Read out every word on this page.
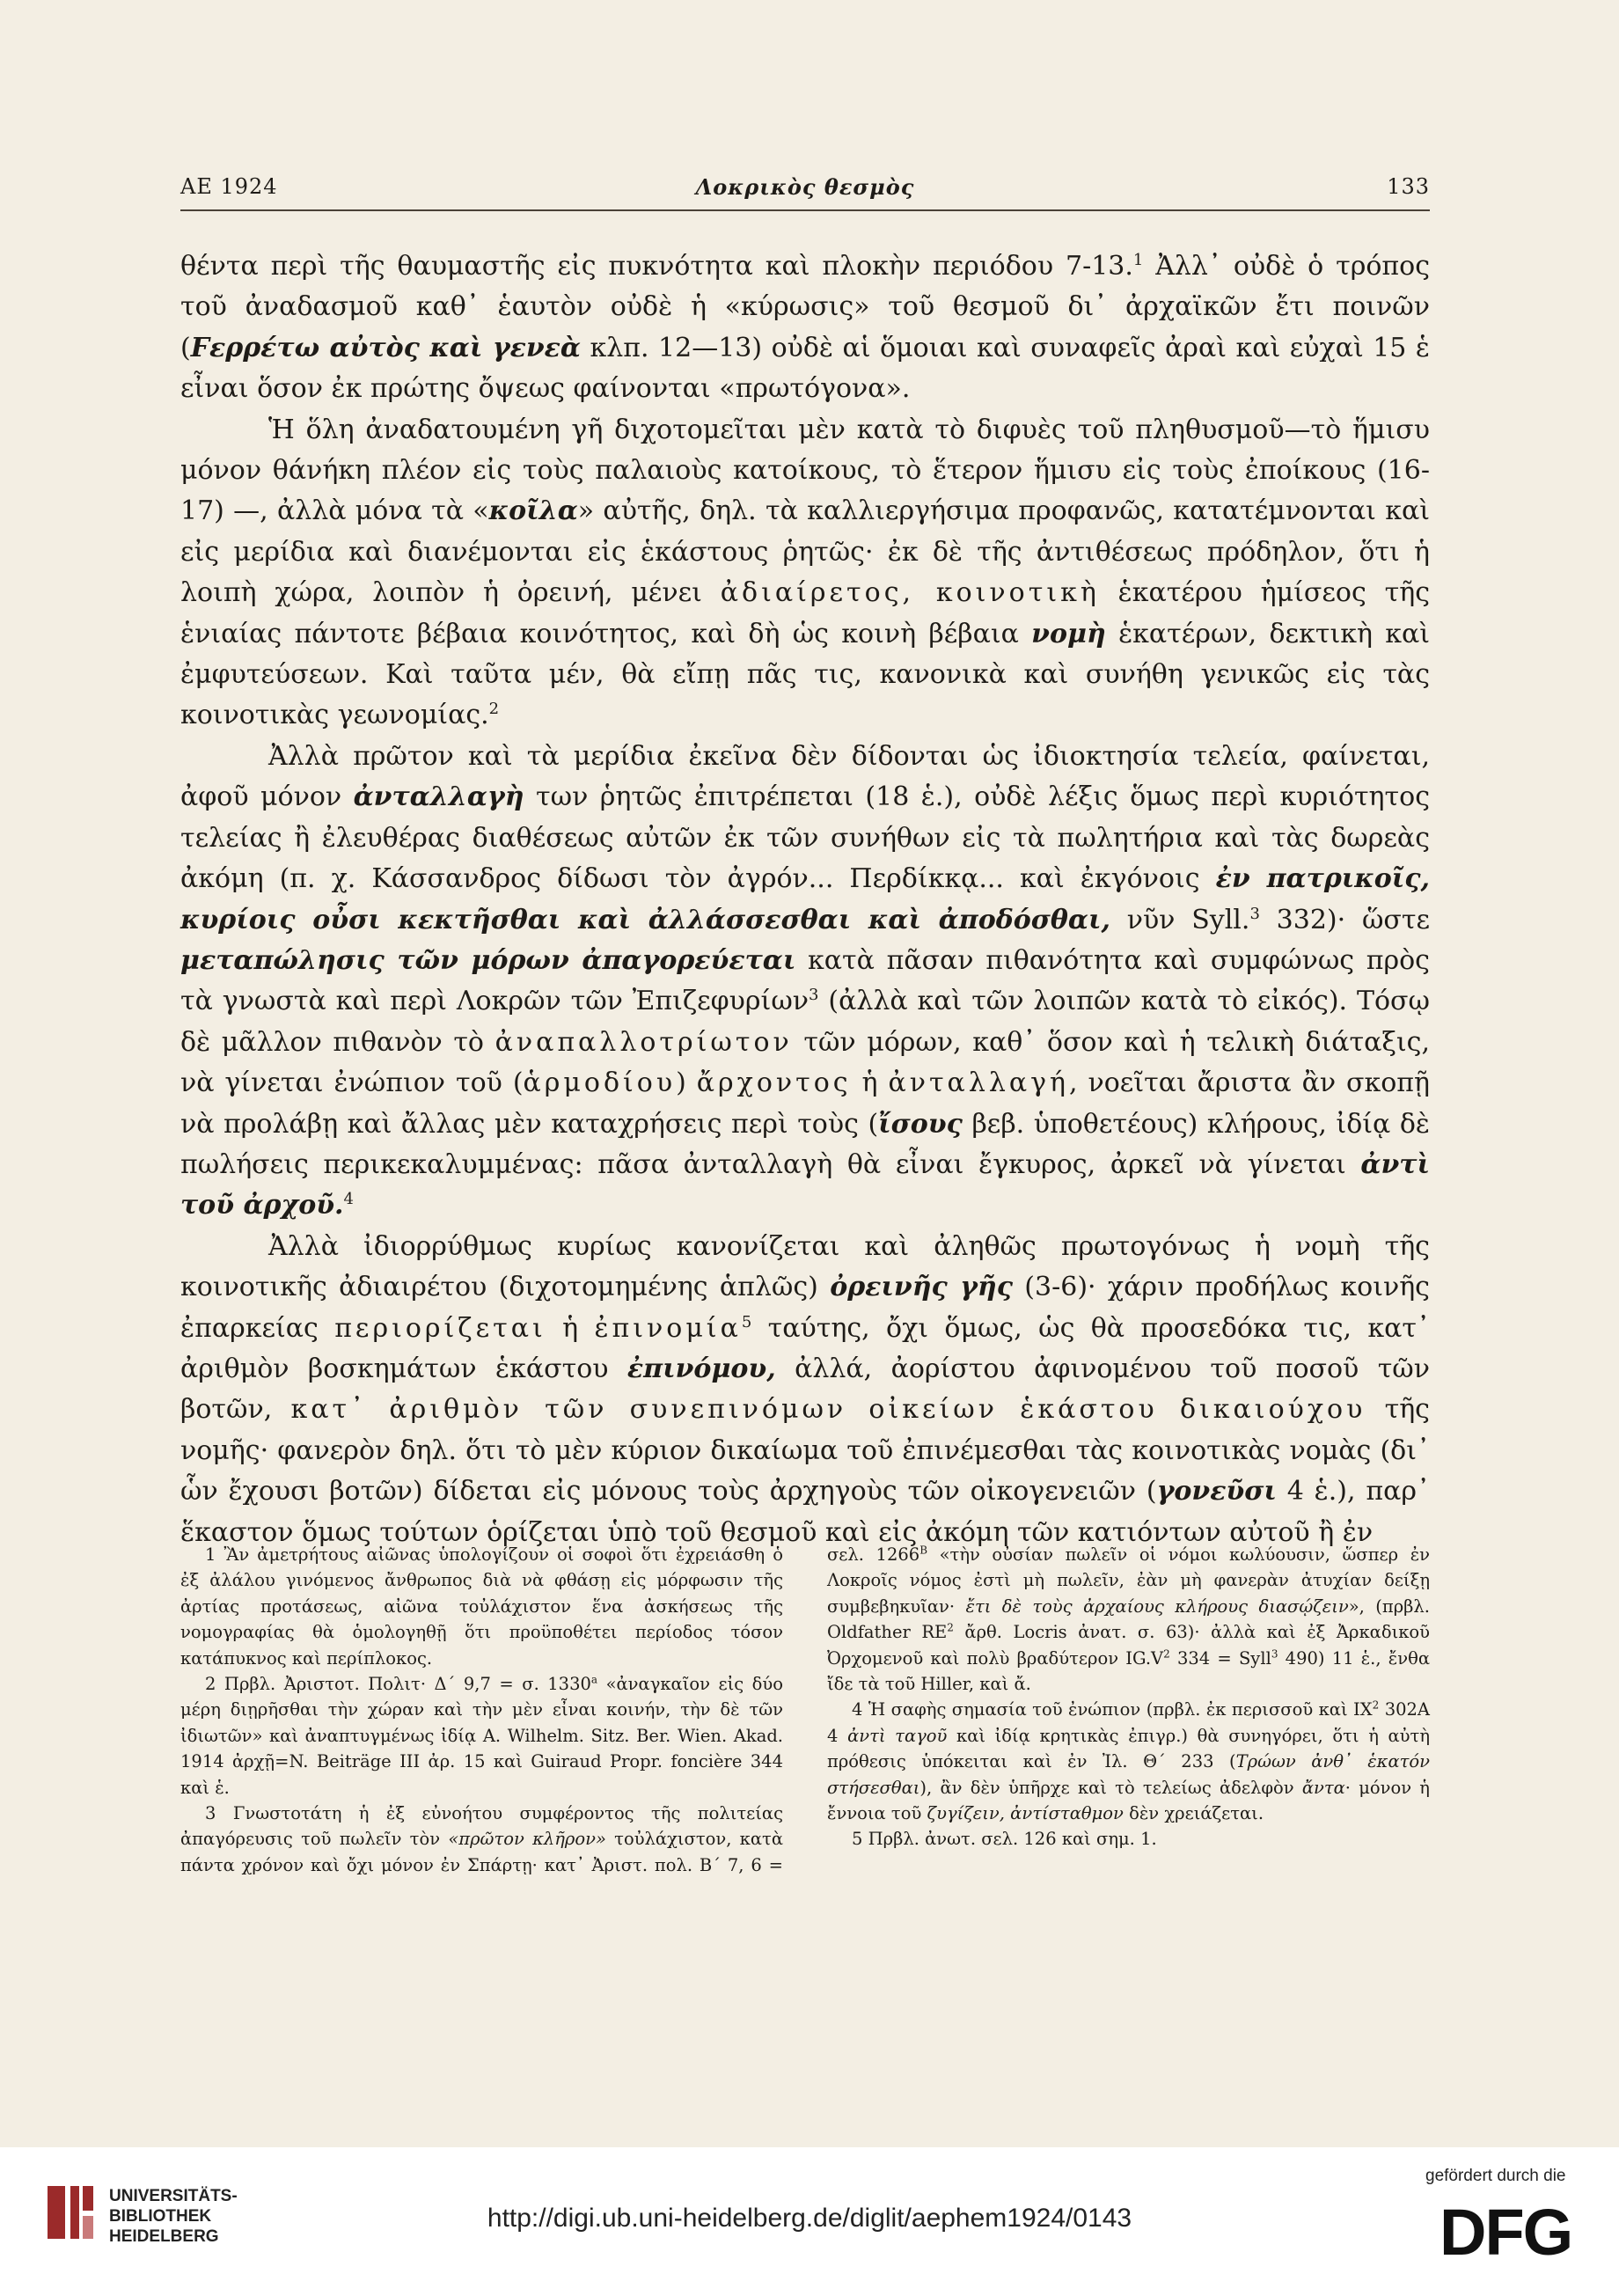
ΑΕ 1924	Λοκρικὸς θεσμὸς	133

θέντα περὶ τῆς θαυμαστῆς εἰς πυκνότητα καὶ πλοκὴν περιόδου 7-13.$^1$ Ἀλλ᾽ οὐδὲ ὁ τρόπος τοῦ ἀναδασμοῦ καθ᾽ ἑαυτὸν οὐδὲ ἡ «κύρωσις» τοῦ θεσμοῦ δι᾽ ἀρχαϊκῶν ἔτι ποινῶν (Ϝερρέτω αὐτὸς καὶ γενεὰ κλπ. 12—13) οὐδὲ αἱ ὅμοιαι καὶ συναφεῖς ἀραὶ καὶ εὐχαὶ 15 ἑ εἶναι ὅσον ἐκ πρώτης ὄψεως φαίνονται «πρωτόγονα».

Ἡ ὅλη ἀναδατουμένη γῆ διχοτομεῖται μὲν κατὰ τὸ διφυὲς τοῦ πληθυσμοῦ—τὸ ἥμισυ μόνον θάνήκη πλέον εἰς τοὺς παλαιοὺς κατοίκους, τὸ ἕτερον ἥμισυ εἰς τοὺς ἐποίκους (16-17) —, ἀλλὰ μόνα τὰ «κοῖλα» αὐτῆς, δηλ. τὰ καλλιεργήσιμα προφανῶς, κατατέμνονται καὶ εἰς μερίδια καὶ διανέμονται εἰς ἑκάστους ῥητῶς· ἐκ δὲ τῆς ἀντιθέσεως πρόδηλον, ὅτι ἡ λοιπὴ χώρα, λοιπὸν ἡ ὀρεινή, μένει ἀδιαίρετος, κοινοτικὴ ἑκατέρου ἡμίσεος τῆς ἑνιαίας πάντοτε βέβαια κοινότητος, καὶ δὴ ὡς κοινὴ βέβαια νομὴ ἑκατέρων, δεκτικὴ καὶ ἐμφυτεύσεων. Καὶ ταῦτα μέν, θὰ εἴπῃ πᾶς τις, κανονικὰ καὶ συνήθη γενικῶς εἰς τὰς κοινοτικὰς γεωνομίας.$^2$

Ἀλλὰ πρῶτον καὶ τὰ μερίδια ἐκεῖνα δὲν δίδονται ὡς ἰδιοκτησία τελεία, φαίνεται, ἀφοῦ μόνον ἀνταλλαγὴ των ῥητῶς ἐπιτρέπεται (18 ἑ.), οὐδὲ λέξις ὅμως περὶ κυριότητος τελείας ἢ ἐλευθέρας διαθέσεως αὐτῶν ἐκ τῶν συνήθων εἰς τὰ πωλητήρια καὶ τὰς δωρεὰς ἀκόμη (π. χ. Κάσσανδρος δίδωσι τὸν ἀγρόν... Περδίκκᾳ... καὶ ἐκγόνοις ἐν πατρικοῖς, κυρίοις οὖσι κεκτῆσθαι καὶ ἀλλάσσεσθαι καὶ ἀποδόσθαι, νῦν Syll.$^3$ 332)· ὥστε μεταπώλησις τῶν μόρων ἀπαγορεύεται κατὰ πᾶσαν πιθανότητα καὶ συμφώνως πρὸς τὰ γνωστὰ καὶ περὶ Λοκρῶν τῶν Ἐπιζεφυρίων$^3$ (ἀλλὰ καὶ τῶν λοιπῶν κατὰ τὸ εἰκός). Τόσῳ δὲ μᾶλλον πιθανὸν τὸ ἀναπαλλοτρίωτον τῶν μόρων, καθ᾽ ὅσον καὶ ἡ τελικὴ διάταξις, νὰ γίνεται ἐνώπιον τοῦ (ἁρμοδίου) ἄρχοντος ἡ ἀνταλλαγή, νοεῖται ἄριστα ἂν σκοπῇ νὰ προλάβῃ καὶ ἄλλας μὲν καταχρήσεις περὶ τοὺς (ἴσους βεβ. ὑποθετέους) κλήρους, ἰδίᾳ δὲ πωλήσεις περικεκαλυμμένας: πᾶσα ἀνταλλαγὴ θὰ εἶναι ἔγκυρος, ἀρκεῖ νὰ γίνεται ἀντὶ τοῦ ἀρχοῦ.$^4$

Ἀλλὰ ἰδιορρύθμως κυρίως κανονίζεται καὶ ἀληθῶς πρωτογόνως ἡ νομὴ τῆς κοινοτικῆς ἀδιαιρέτου (διχοτομημένης ἁπλῶς) ὀρεινῆς γῆς (3-6)· χάριν προδήλως κοινῆς ἐπαρκείας περιορίζεται ἡ ἐπινομία$^5$ ταύτης, ὄχι ὅμως, ὡς θὰ προσεδόκα τις, κατ᾽ ἀριθμὸν βοσκημάτων ἑκάστου ἐπινόμου, ἀλλά, ἀορίστου ἀφινομένου τοῦ ποσοῦ τῶν βοτῶν, κατ᾽ ἀριθμὸν τῶν συνεπινόμων οἰκείων ἑκάστου δικαιούχου τῆς νομῆς· φανερὸν δηλ. ὅτι τὸ μὲν κύριον δικαίωμα τοῦ ἐπινέμεσθαι τὰς κοινοτικὰς νομὰς (δι᾽ ὧν ἔχουσι βοτῶν) δίδεται εἰς μόνους τοὺς ἀρχηγοὺς τῶν οἰκογενειῶν (γονεῦσι 4 ἑ.), παρ᾽ ἕκαστον ὅμως τούτων ὁρίζεται ὑπὸ τοῦ θεσμοῦ καὶ εἰς ἀκόμη τῶν κατιόντων αὐτοῦ ἢ ἐν

1 Ἂν ἀμετρήτους αἰῶνας ὑπολογίζουν οἱ σοφοὶ ὅτι ἐχρειάσθη ὁ ἐξ ἀλάλου γινόμενος ἄνθρωπος διὰ νὰ φθάσῃ εἰς μόρφωσιν τῆς ἀρτίας προτάσεως, αἰῶνα τοὐλάχιστον ἕνα ἀσκήσεως τῆς νομογραφίας θὰ ὁμολογηθῇ ὅτι προϋποθέτει περίοδος τόσον κατάπυκνος καὶ περίπλοκος.

2 Πρβλ. Ἀριστοτ. Πολιτ· Δ´ 9,7 = σ. 1330$^a$ «ἀναγκαῖον εἰς δύο μέρη διῃρῆσθαι τὴν χώραν καὶ τὴν μὲν εἶναι κοινήν, τὴν δὲ τῶν ἰδιωτῶν» καὶ ἀναπτυγμένως ἰδίᾳ A. Wilhelm. Sitz. Ber. Wien. Akad. 1914 ἀρχῇ=N. Beiträge III ἀρ. 15 καὶ Guiraud Propr. foncière 344 καὶ ἑ.

3 Γνωστοτάτη ἡ ἐξ εὐνοήτου συμφέροντος τῆς πολιτείας ἀπαγόρευσις τοῦ πωλεῖν τὸν «πρῶτον κλῆρον» τοὐλάχιστον, κατὰ πάντα χρόνον καὶ ὄχι μόνον ἐν Σπάρτῃ· κατ᾽ Ἀριστ. πολ. Β´ 7, 6 = σελ. $1266^B$ «τὴν οὐσίαν πωλεῖν οἱ νόμοι κωλύουσιν, ὥσπερ ἐν Λοκροῖς νόμος ἐστὶ μὴ πωλεῖν, ἐὰν μὴ φανερὰν ἀτυχίαν δείξῃ συμβεβηκυῖαν· ἔτι δὲ τοὺς ἀρχαίους κλήρους διασῴζειν», (πρβλ. Oldfather $RE^2$ ἄρθ. Locris ἀνατ. σ. 63)· ἀλλὰ καὶ ἐξ Ἀρκαδικοῦ Ὀρχομενοῦ καὶ πολὺ βραδύτερον $IG.V^2$ 334 = Syll$^3$ 490) 11 ἑ., ἔνθα ἴδε τὰ τοῦ Hiller, καὶ ἄ.

4 Ἡ σαφὴς σημασία τοῦ ἐνώπιον (πρβλ. ἐκ περισσοῦ καὶ $IX^2$ 302A 4 ἀντὶ ταγοῦ καὶ ἰδίᾳ κρητικὰς ἐπιγρ.) θὰ συνηγόρει, ὅτι ἡ αὐτὴ πρόθεσις ὑπόκειται καὶ ἐν Ἰλ. Θ´ 233 (Τρώων ἀνθ᾽ ἑκατόν στήσεσθαι), ἂν δὲν ὑπῆρχε καὶ τὸ τελείως ἀδελφὸν ἄντα· μόνον ἡ ἔννοια τοῦ ζυγίζειν, ἀντίσταθμον δὲν χρειάζεται.

5 Πρβλ. ἀνωτ. σελ. 126 καὶ σημ. 1.

UNIVERSITÄTS-
BIBLIOTHEK
HEIDELBERG
http://digi.ub.uni-heidelberg.de/diglit/aephem1924/0143
gefördert durch die
DFG
